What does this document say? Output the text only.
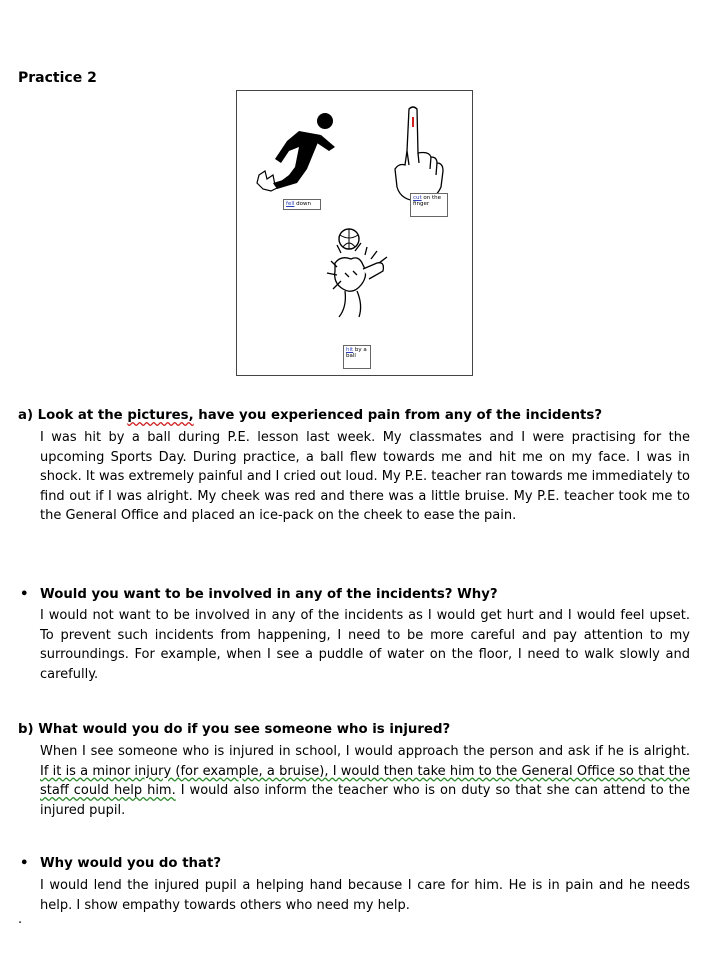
Practice 2
fell down
cut on the finger
hit by a ball
a) Look at the pictures, have you experienced pain from any of the incidents?
I was hit by a ball during P.E. lesson last week. My classmates and I were practising for the upcoming Sports Day. During practice, a ball flew towards me and hit me on my face. I was in shock. It was extremely painful and I cried out loud. My P.E. teacher ran towards me immediately to find out if I was alright. My cheek was red and there was a little bruise. My P.E. teacher took me to the General Office and placed an ice-pack on the cheek to ease the pain.
• Would you want to be involved in any of the incidents? Why?
I would not want to be involved in any of the incidents as I would get hurt and I would feel upset. To prevent such incidents from happening, I need to be more careful and pay attention to my surroundings. For example, when I see a puddle of water on the floor, I need to walk slowly and carefully.
b) What would you do if you see someone who is injured?
When I see someone who is injured in school, I would approach the person and ask if he is alright. If it is a minor injury (for example, a bruise), I would then take him to the General Office so that the staff could help him. I would also inform the teacher who is on duty so that she can attend to the injured pupil.
• Why would you do that?
I would lend the injured pupil a helping hand because I care for him. He is in pain and he needs help. I show empathy towards others who need my help.
.
